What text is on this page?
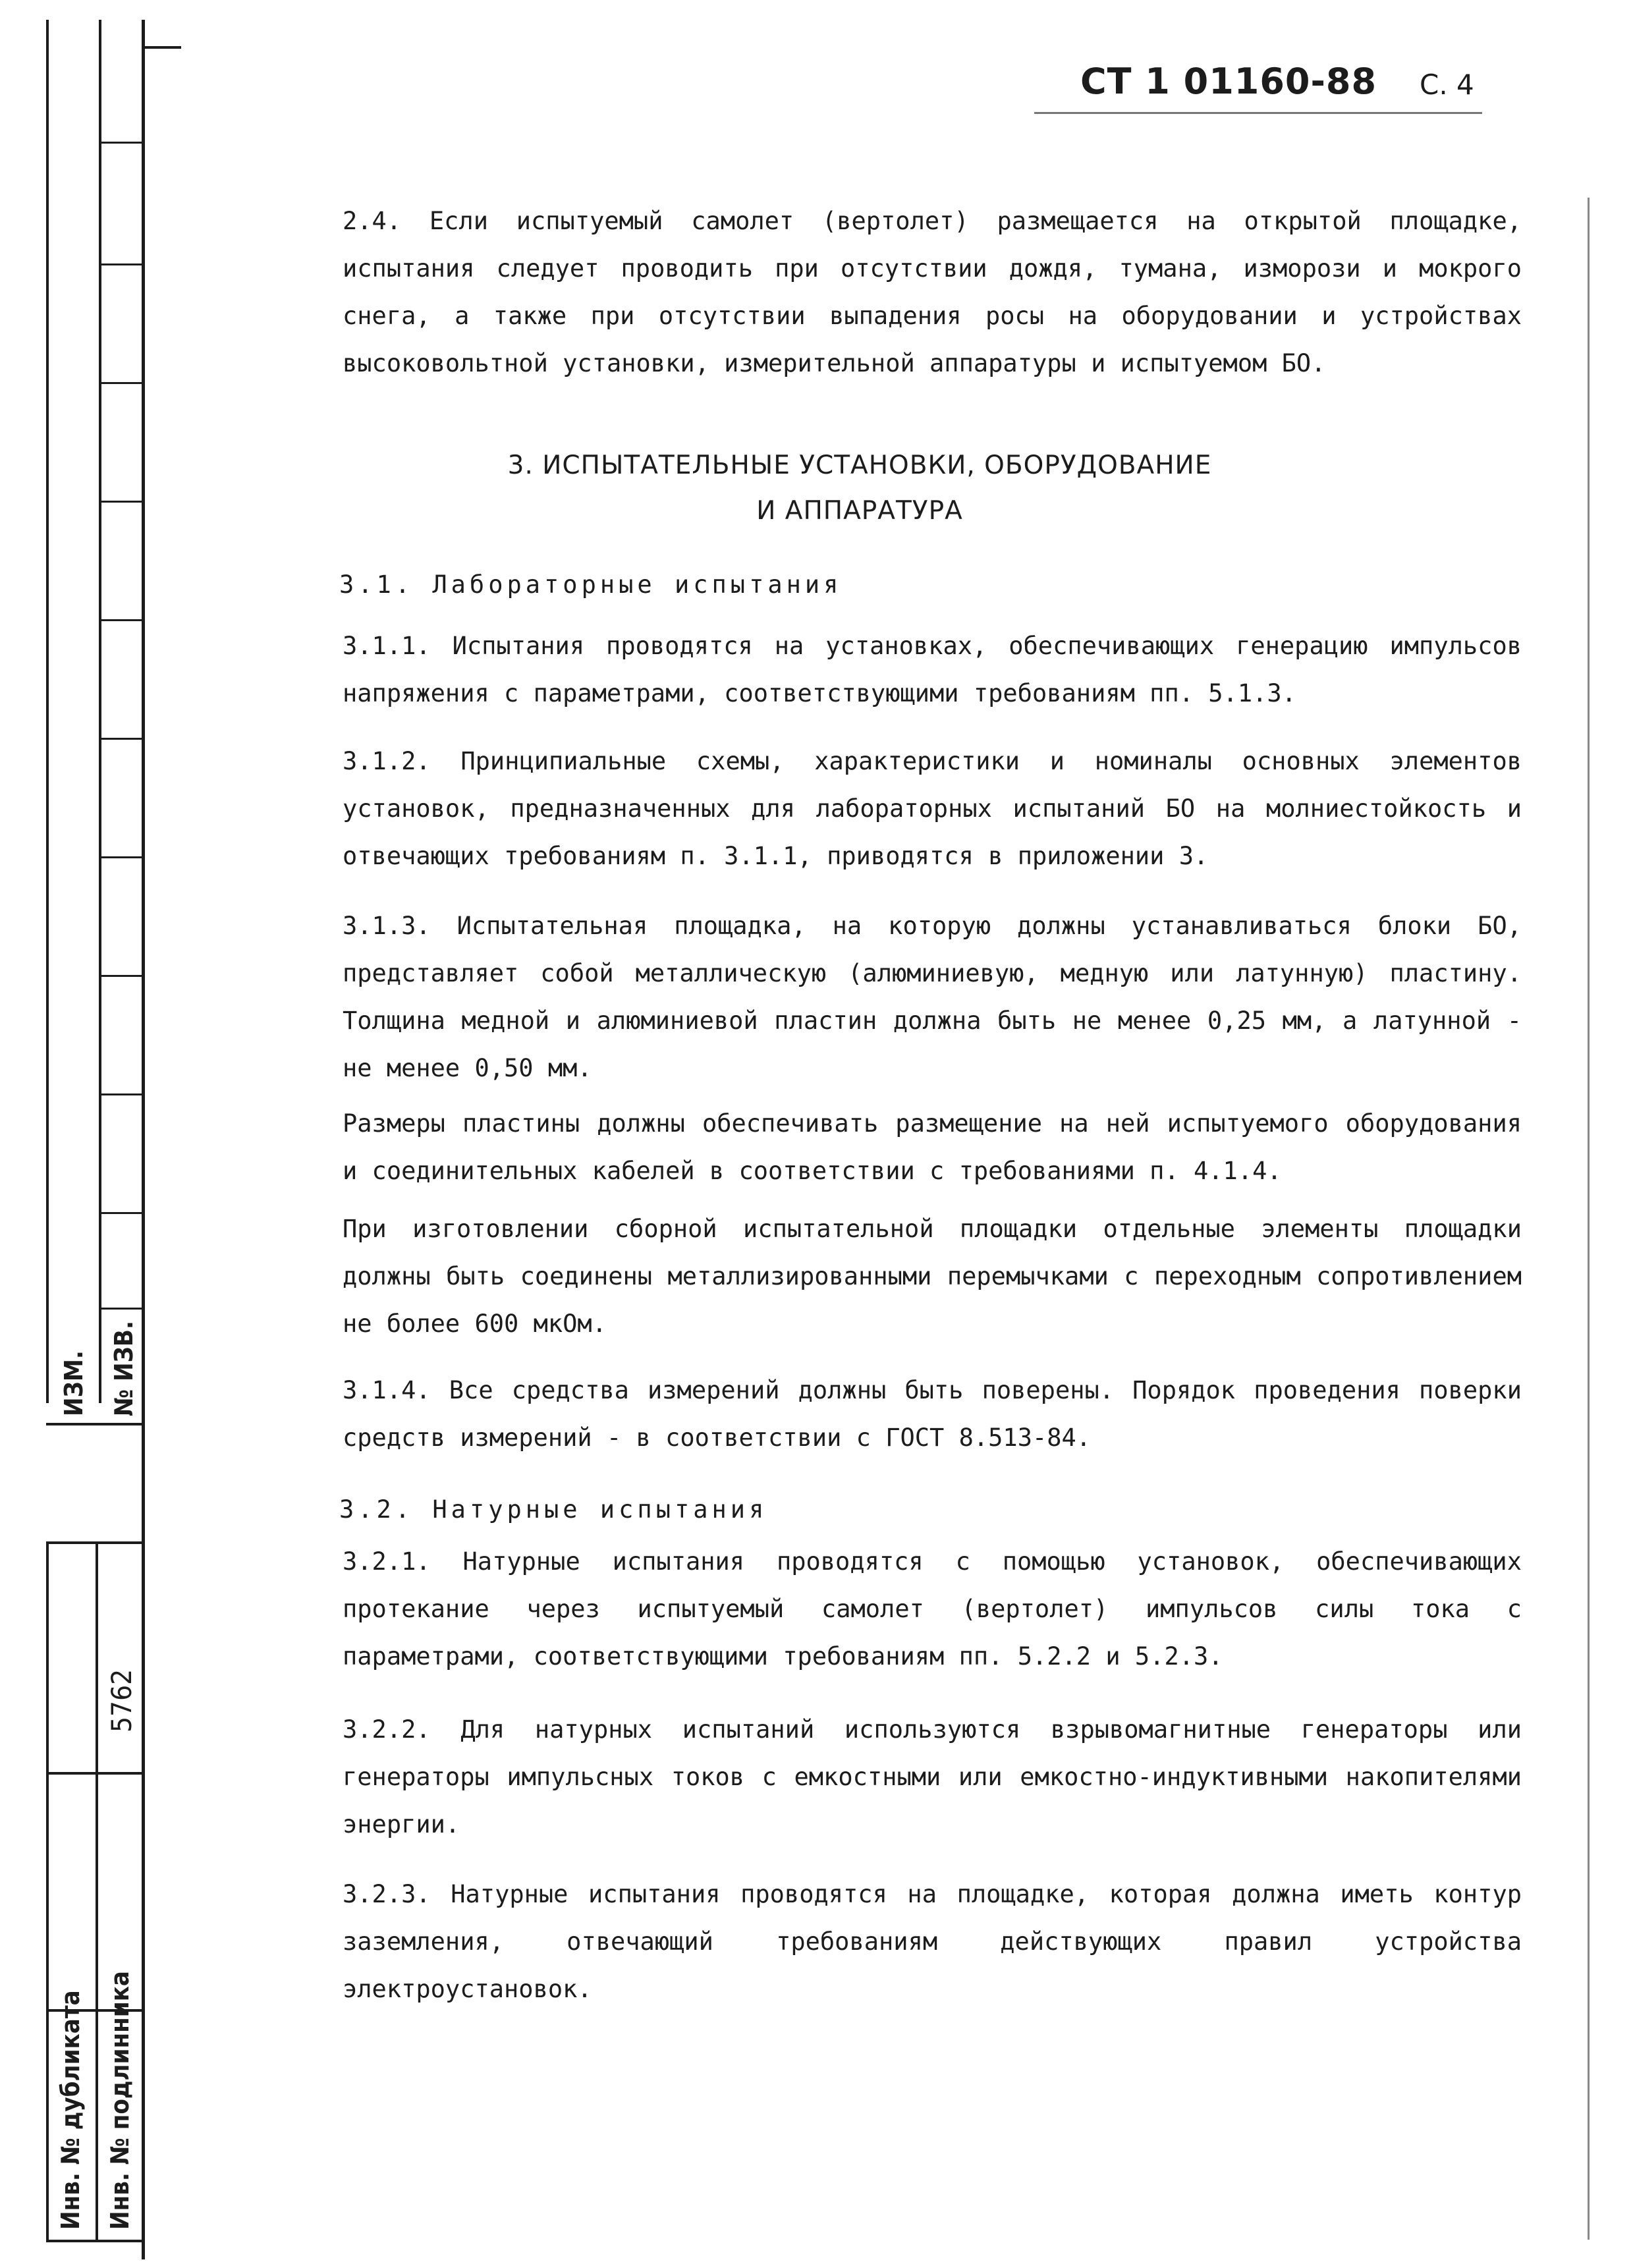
ИЗМ. № ИЗВ.
5762
Инв. № дубликата Инв. № подлинника
СТ 1 01160-88 С. 4
2.4. Если испытуемый самолет (вертолет) размещается на открытой площадке, испытания следует проводить при отсутствии дождя, тумана, изморози и мокрого снега, а также при отсутствии выпадения росы на оборудовании и устройствах высоковольтной установки, измерительной аппаратуры и испытуемом БО.
3. ИСПЫТАТЕЛЬНЫЕ УСТАНОВКИ, ОБОРУДОВАНИЕ
И АППАРАТУРА
3.1. Лабораторные испытания
3.1.1. Испытания проводятся на установках, обеспечивающих генерацию импульсов напряжения с параметрами, соответствующими требованиям пп. 5.1.3.
3.1.2. Принципиальные схемы, характеристики и номиналы основных элементов установок, предназначенных для лабораторных испытаний БО на молниестойкость и отвечающих требованиям п. 3.1.1, приводятся в приложении 3.
3.1.3. Испытательная площадка, на которую должны устанавливаться блоки БО, представляет собой металлическую (алюминиевую, медную или латунную) пластину. Толщина медной и алюминиевой пластин должна быть не менее 0,25 мм, а латунной - не менее 0,50 мм.
Размеры пластины должны обеспечивать размещение на ней испытуемого оборудования и соединительных кабелей в соответствии с требованиями п. 4.1.4.
При изготовлении сборной испытательной площадки отдельные элементы площадки должны быть соединены металлизированными перемычками с переходным сопротивлением не более 600 мкОм.
3.1.4. Все средства измерений должны быть поверены. Порядок проведения поверки средств измерений - в соответствии с ГОСТ 8.513-84.
3.2. Натурные испытания
3.2.1. Натурные испытания проводятся с помощью установок, обеспечивающих протекание через испытуемый самолет (вертолет) импульсов силы тока с параметрами, соответствующими требованиям пп. 5.2.2 и 5.2.3.
3.2.2. Для натурных испытаний используются взрывомагнитные генераторы или генераторы импульсных токов с емкостными или емкостно-индуктивными накопителями энергии.
3.2.3. Натурные испытания проводятся на площадке, которая должна иметь контур заземления, отвечающий требованиям действующих правил устройства электроустановок.
